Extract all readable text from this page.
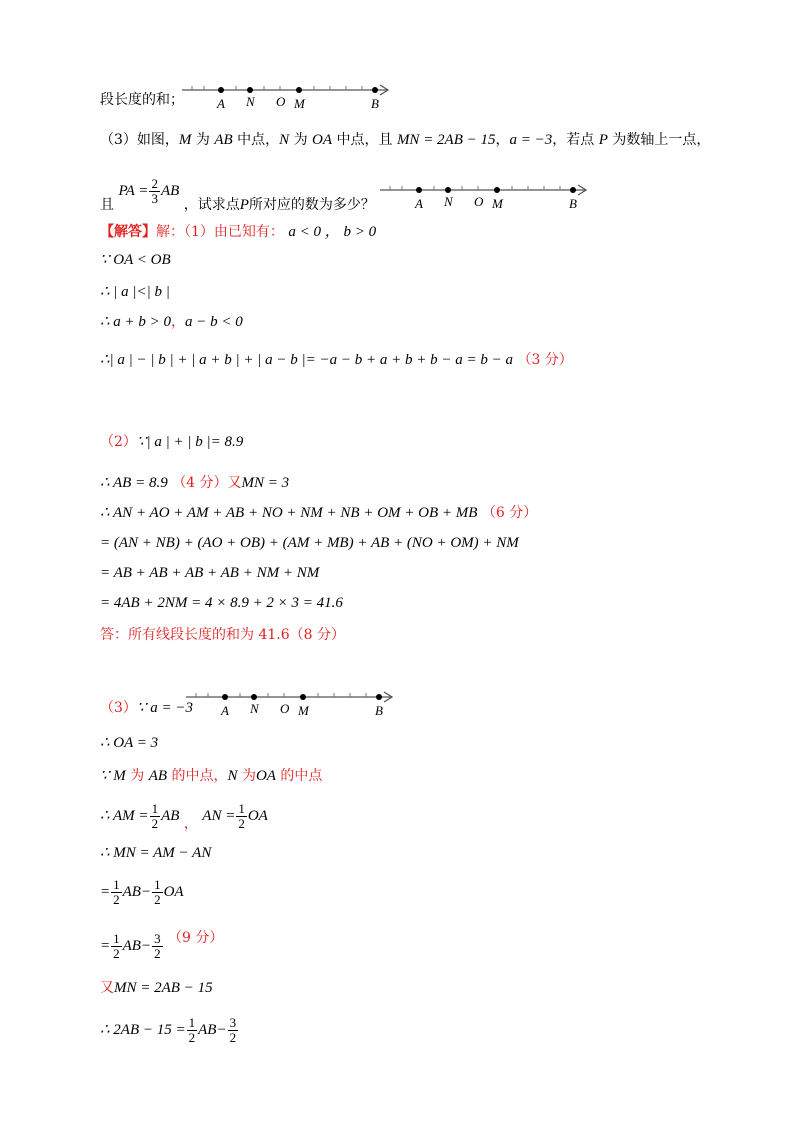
段长度的和；	A N O M	B
（3）如图，M 为 AB 中点，N 为 OA 中点，且 MN = 2AB − 15，a = −3，若点 P 为数轴上一点，
且 PA = $\frac{2}{3}$ AB ，试求点P所对应的数为多少？	A N O M	B
【解答】解：（1）由已知有： a < 0 ， b > 0
∵ OA < OB
∴ | a |<| b |
∴ a + b > 0，a − b < 0
∴| a | − | b | + | a + b | + | a − b |= −a − b + a + b + b − a = b − a （3 分）
（2）∵| a | + | b |= 8.9
∴ AB = 8.9 （4 分）又MN = 3
∴ AN + AO + AM + AB + NO + NM + NB + OM + OB + MB （6 分）
= (AN + NB) + (AO + OB) + (AM + MB) + AB + (NO + OM) + NM
= AB + AB + AB + AB + NM + NM
= 4AB + 2NM = 4 × 8.9 + 2 × 3 = 41.6
答：所有线段长度的和为 41.6（8 分）
（3）∵ a = −3 A N O M	B
∴ OA = 3
∵ M 为 AB 的中点，N 为OA 的中点
∴ AM = $\frac{1}{2}$ AB ， AN = $\frac{1}{2}$ OA
∴ MN = AM − AN
= $\frac{1}{2} AB- \frac{1}{2}$ OA
= $\frac{1}{2} AB- \frac{3}{2} (9$ 分）
又MN = 2AB − 15
∴ $2AB - 15 = \frac{1}{2} AB- \frac{3}{2}$
